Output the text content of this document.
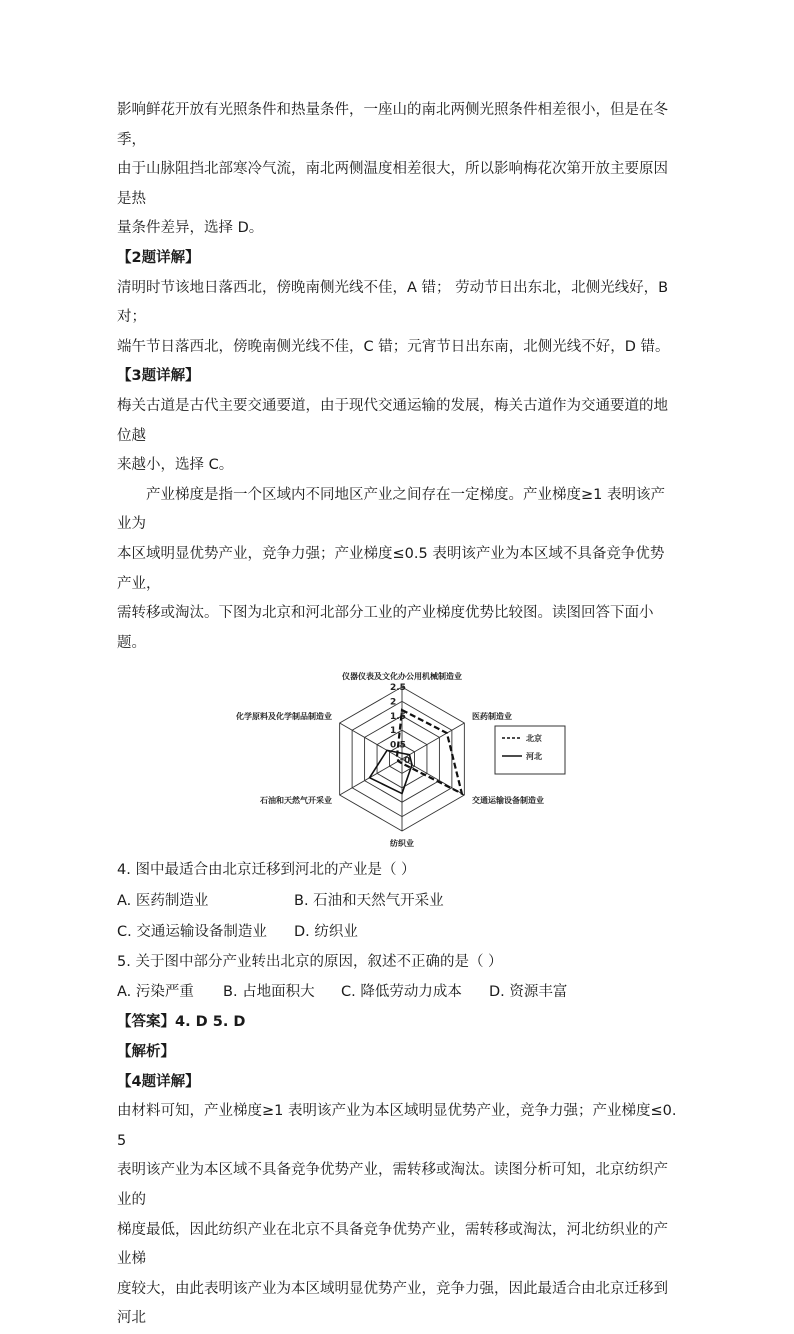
影响鲜花开放有光照条件和热量条件，一座山的南北两侧光照条件相差很小，但是在冬季，

由于山脉阻挡北部寒冷气流，南北两侧温度相差很大，所以影响梅花次第开放主要原因是热

量条件差异，选择 D。

【2题详解】

清明时节该地日落西北，傍晚南侧光线不佳，A 错； 劳动节日出东北，北侧光线好，B 对；

端午节日落西北，傍晚南侧光线不佳，C 错；元宵节日出东南，北侧光线不好，D 错。

【3题详解】

梅关古道是古代主要交通要道，由于现代交通运输的发展，梅关古道作为交通要道的地位越

来越小，选择 C。

产业梯度是指一个区域内不同地区产业之间存在一定梯度。产业梯度≥1 表明该产业为

本区域明显优势产业，竞争力强；产业梯度≤0.5 表明该产业为本区域不具备竞争优势产业，

需转移或淘汰。下图为北京和河北部分工业的产业梯度优势比较图。读图回答下面小题。

0.5
1
1.5
2
2.5
0
仪器仪表及文化办公用机械制造业
医药制造业
交通运输设备制造业
纺织业
石油和天然气开采业
化学原料及化学制品制造业
北京
河北

4. 图中最适合由北京迁移到河北的产业是（ ）

A. 医药制造业	B. 石油和天然气开采业
C. 交通运输设备制造业	D. 纺织业

5. 关于图中部分产业转出北京的原因，叙述不正确的是（ ）

A. 污染严重	B. 占地面积大	C. 降低劳动力成本	D. 资源丰富

【答案】4. D 5. D

【解析】

【4题详解】

由材料可知，产业梯度≥1 表明该产业为本区域明显优势产业，竞争力强；产业梯度≤0.5

表明该产业为本区域不具备竞争优势产业，需转移或淘汰。读图分析可知，北京纺织产业的

梯度最低，因此纺织产业在北京不具备竞争优势产业，需转移或淘汰，河北纺织业的产业梯

度较大，由此表明该产业为本区域明显优势产业，竞争力强，因此最适合由北京迁移到河北
